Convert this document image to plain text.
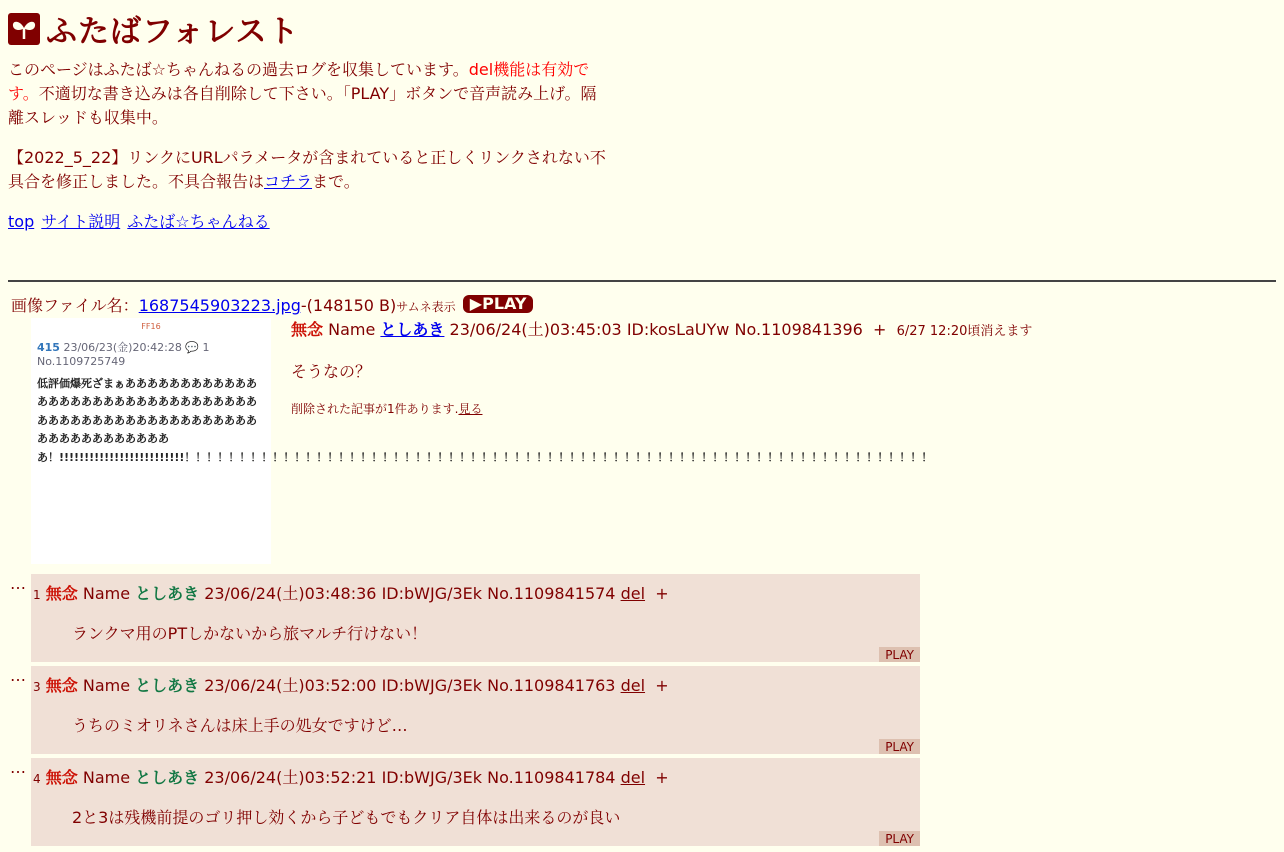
ふたばフォレスト
このページはふたば☆ちゃんねるの過去ログを収集しています。del機能は有効です。不適切な書き込みは各自削除して下さい。「PLAY」ボタンで音声読み上げ。隔離スレッドも収集中。
【2022_5_22】リンクにURLパラメータが含まれていると正しくリンクされない不具合を修正しました。不具合報告はコチラまで。
top サイト説明 ふたば☆ちゃんねる
画像ファイル名：1687545903223.jpg-(148150 B)サムネ表示 ▶PLAY
FF16
415 23/06/23(金)20:42:28 💬 1 No.1109725749
低評価爆死ざまぁあああああああああああああああああああああああああああああああああああああああああああああああああああああああああああああああああ！!!!!!!!!!!!!!!!!!!!!!!!!!！！！！！！！！！！！！！！！！！！！！！！！！！！！！！！！！！！！！！！！！！！！！！！！！！！！！！！！！！！！！！！！！！！！！
無念 Name としあき 23/06/24(土)03:45:03 ID:kosLaUYw No.1109841396 + 6/27 12:20頃消えます
そうなの？
削除された記事が1件あります.見る
…
1 無念 Name としあき 23/06/24(土)03:48:36 ID:bWJG/3Ek No.1109841574 del +
ランクマ用のPTしかないから旅マルチ行けない！
PLAY
…
3 無念 Name としあき 23/06/24(土)03:52:00 ID:bWJG/3Ek No.1109841763 del +
うちのミオリネさんは床上手の処女ですけど…
PLAY
…
4 無念 Name としあき 23/06/24(土)03:52:21 ID:bWJG/3Ek No.1109841784 del +
2と3は残機前提のゴリ押し効くから子どもでもクリア自体は出来るのが良い
PLAY
